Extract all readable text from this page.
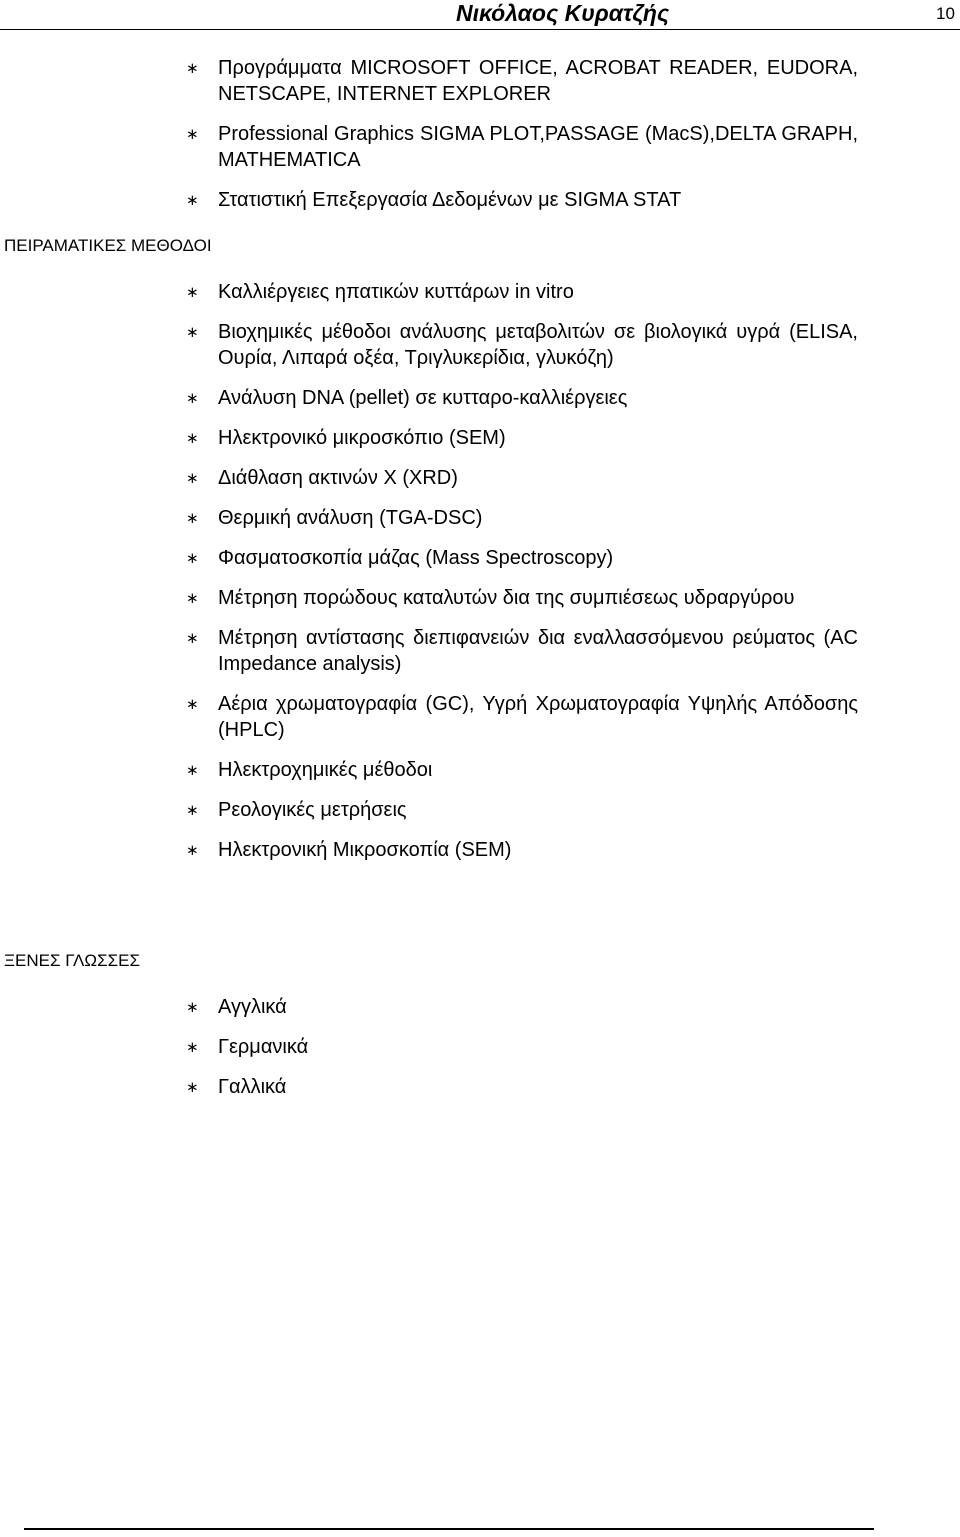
Νικόλαος Κυρατζής	10
∗ Προγράμματα MICROSOFT OFFICE, ACROBAT READER, EUDORA, NETSCAPE, INTERNET EXPLORER
∗ Professional Graphics SIGMA PLOT,PASSAGE (MacS),DELTA GRAPH, MATHEMATICA
∗ Στατιστική Επεξεργασία Δεδομένων με SIGMA STAT
ΠΕΙΡΑΜΑΤΙΚΕΣ ΜΕΘΟΔΟΙ
∗ Καλλιέργειες ηπατικών κυττάρων in vitro
∗ Βιοχημικές μέθοδοι ανάλυσης μεταβολιτών σε βιολογικά υγρά (ELISA, Ουρία, Λιπαρά οξέα, Τριγλυκερίδια, γλυκόζη)
∗ Ανάλυση DNA (pellet) σε κυτταρο-καλλιέργειες
∗ Ηλεκτρονικό μικροσκόπιο (SEM)
∗ Διάθλαση ακτινών X (XRD)
∗ Θερμική ανάλυση (TGA-DSC)
∗ Φασματοσκοπία μάζας (Mass Spectroscopy)
∗ Μέτρηση πορώδους καταλυτών δια της συμπιέσεως υδραργύρου
∗ Μέτρηση αντίστασης διεπιφανειών δια εναλλασσόμενου ρεύματος (AC Impedance analysis)
∗ Αέρια χρωματογραφία (GC), Υγρή Χρωματογραφία Υψηλής Απόδοσης (HPLC)
∗ Ηλεκτροχημικές μέθοδοι
∗ Ρεολογικές μετρήσεις
∗ Ηλεκτρονική Μικροσκοπία (SEM)
ΞΕΝΕΣ ΓΛΩΣΣΕΣ
∗ Αγγλικά
∗ Γερμανικά
∗ Γαλλικά
